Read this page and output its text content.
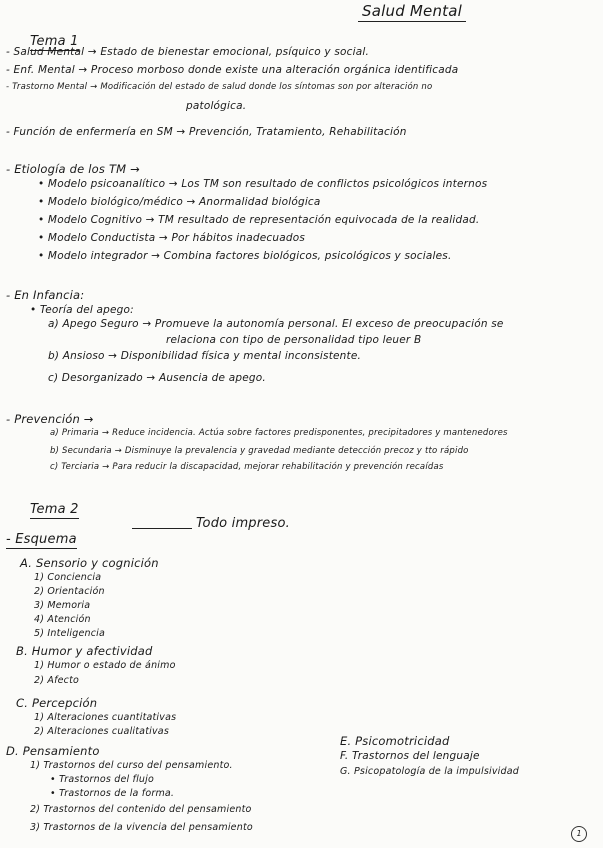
Salud Mental
Tema 1
- Salud Mental → Estado de bienestar emocional, psíquico y social.
- Enf. Mental → Proceso morboso donde existe una alteración orgánica identificada
- Trastorno Mental → Modificación del estado de salud donde los síntomas son por alteración no
patológica.
- Función de enfermería en SM → Prevención, Tratamiento, Rehabilitación
- Etiología de los TM →
• Modelo psicoanalítico → Los TM son resultado de conflictos psicológicos internos
• Modelo biológico/médico → Anormalidad biológica
• Modelo Cognitivo → TM resultado de representación equivocada de la realidad.
• Modelo Conductista → Por hábitos inadecuados
• Modelo integrador → Combina factores biológicos, psicológicos y sociales.
- En Infancia:
• Teoría del apego:
a) Apego Seguro → Promueve la autonomía personal. El exceso de preocupación se
relaciona con tipo de personalidad tipo leuer B
b) Ansioso → Disponibilidad física y mental inconsistente.
c) Desorganizado → Ausencia de apego.
- Prevención →
a) Primaria → Reduce incidencia. Actúa sobre factores predisponentes, precipitadores y mantenedores
b) Secundaria → Disminuye la prevalencia y gravedad mediante detección precoz y tto rápido
c) Terciaria → Para reducir la discapacidad, mejorar rehabilitación y prevención recaídas
Tema 2
Todo impreso.
- Esquema
A. Sensorio y cognición
1) Conciencia
2) Orientación
3) Memoria
4) Atención
5) Inteligencia
B. Humor y afectividad
1) Humor o estado de ánimo
2) Afecto
C. Percepción
1) Alteraciones cuantitativas
2) Alteraciones cualitativas
D. Pensamiento
1) Trastornos del curso del pensamiento.
• Trastornos del flujo
• Trastornos de la forma.
2) Trastornos del contenido del pensamiento
3) Trastornos de la vivencia del pensamiento
E. Psicomotricidad
F. Trastornos del lenguaje
G. Psicopatología de la impulsividad
1
